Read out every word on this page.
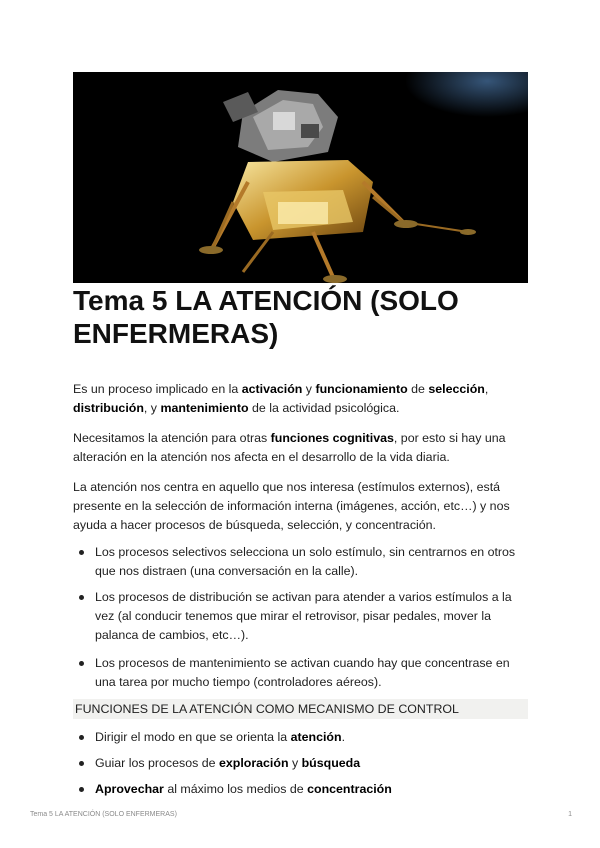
Tema 5 LA ATENCIÓN (SOLO ENFERMERAS)

Es un proceso implicado en la activación y funcionamiento de selección, distribución, y mantenimiento de la actividad psicológica.

Necesitamos la atención para otras funciones cognitivas, por esto si hay una alteración en la atención nos afecta en el desarrollo de la vida diaria.

La atención nos centra en aquello que nos interesa (estímulos externos), está presente en la selección de información interna (imágenes, acción, etc…) y nos ayuda a hacer procesos de búsqueda, selección, y concentración.

Los procesos selectivos selecciona un solo estímulo, sin centrarnos en otros que nos distraen (una conversación en la calle).
Los procesos de distribución se activan para atender a varios estímulos a la vez (al conducir tenemos que mirar el retrovisor, pisar pedales, mover la palanca de cambios, etc…).
Los procesos de mantenimiento se activan cuando hay que concentrase en una tarea por mucho tiempo (controladores aéreos).
FUNCIONES DE LA ATENCIÓN COMO MECANISMO DE CONTROL
Dirigir el modo en que se orienta la atención.
Guiar los procesos de exploración y búsqueda
Aprovechar al máximo los medios de concentración
Tema 5 LA ATENCIÓN (SOLO ENFERMERAS)	1
